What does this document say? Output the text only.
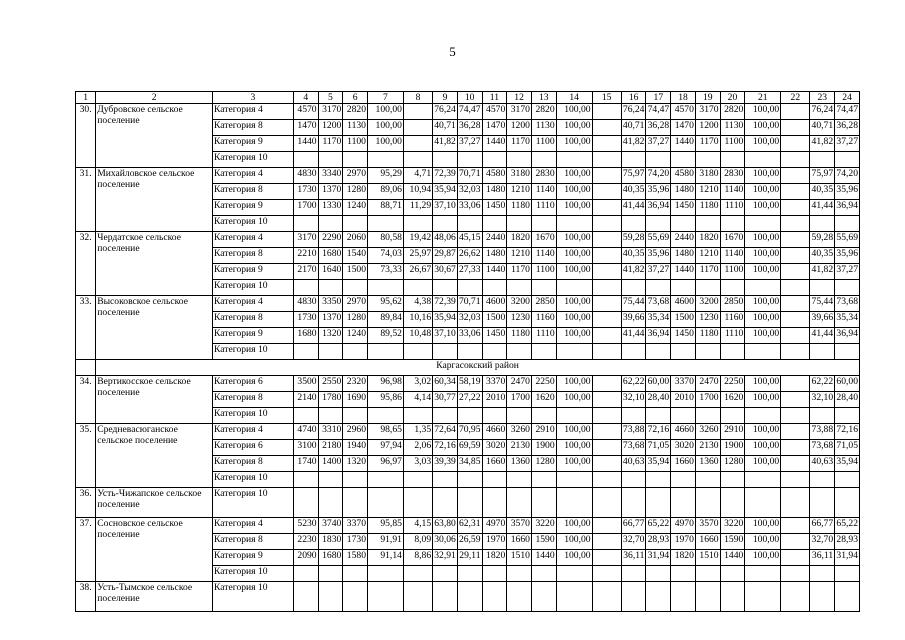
5
1	2	3	4	5	6	7	8	9	10	11	12	13	14	15	16	17	18	19	20	21	22	23	24
30.	Дубровское сельское поселение	Категория 4	4570	3170	2820	100,00		76,24	74,47	4570	3170	2820	100,00		76,24	74,47	4570	3170	2820	100,00		76,24	74,47
		Категория 8	1470	1200	1130	100,00		40,71	36,28	1470	1200	1130	100,00		40,71	36,28	1470	1200	1130	100,00		40,71	36,28
		Категория 9	1440	1170	1100	100,00		41,82	37,27	1440	1170	1100	100,00		41,82	37,27	1440	1170	1100	100,00		41,82	37,27
		Категория 10																					
31.	Михайловское сельское поселение	Категория 4	4830	3340	2970	95,29	4,71	72,39	70,71	4580	3180	2830	100,00		75,97	74,20	4580	3180	2830	100,00		75,97	74,20
		Категория 8	1730	1370	1280	89,06	10,94	35,94	32,03	1480	1210	1140	100,00		40,35	35,96	1480	1210	1140	100,00		40,35	35,96
		Категория 9	1700	1330	1240	88,71	11,29	37,10	33,06	1450	1180	1110	100,00		41,44	36,94	1450	1180	1110	100,00		41,44	36,94
		Категория 10																					
32.	Чердатское сельское поселение	Категория 4	3170	2290	2060	80,58	19,42	48,06	45,15	2440	1820	1670	100,00		59,28	55,69	2440	1820	1670	100,00		59,28	55,69
		Категория 8	2210	1680	1540	74,03	25,97	29,87	26,62	1480	1210	1140	100,00		40,35	35,96	1480	1210	1140	100,00		40,35	35,96
		Категория 9	2170	1640	1500	73,33	26,67	30,67	27,33	1440	1170	1100	100,00		41,82	37,27	1440	1170	1100	100,00		41,82	37,27
		Категория 10																					
33.	Высоковское сельское поселение	Категория 4	4830	3350	2970	95,62	4,38	72,39	70,71	4600	3200	2850	100,00		75,44	73,68	4600	3200	2850	100,00		75,44	73,68
		Категория 8	1730	1370	1280	89,84	10,16	35,94	32,03	1500	1230	1160	100,00		39,66	35,34	1500	1230	1160	100,00		39,66	35,34
		Категория 9	1680	1320	1240	89,52	10,48	37,10	33,06	1450	1180	1110	100,00		41,44	36,94	1450	1180	1110	100,00		41,44	36,94
		Категория 10																					
	Каргасокский район																						
34.	Вертикосское сельское поселение	Категория 6	3500	2550	2320	96,98	3,02	60,34	58,19	3370	2470	2250	100,00		62,22	60,00	3370	2470	2250	100,00		62,22	60,00
		Категория 8	2140	1780	1690	95,86	4,14	30,77	27,22	2010	1700	1620	100,00		32,10	28,40	2010	1700	1620	100,00		32,10	28,40
		Категория 10																					
35.	Средневасюганское сельское поселение	Категория 4	4740	3310	2960	98,65	1,35	72,64	70,95	4660	3260	2910	100,00		73,88	72,16	4660	3260	2910	100,00		73,88	72,16
		Категория 6	3100	2180	1940	97,94	2,06	72,16	69,59	3020	2130	1900	100,00		73,68	71,05	3020	2130	1900	100,00		73,68	71,05
		Категория 8	1740	1400	1320	96,97	3,03	39,39	34,85	1660	1360	1280	100,00		40,63	35,94	1660	1360	1280	100,00		40,63	35,94
		Категория 10																					
36.	Усть-Чижапское сельское поселение	Категория 10																					
37.	Сосновское сельское поселение	Категория 4	5230	3740	3370	95,85	4,15	63,80	62,31	4970	3570	3220	100,00		66,77	65,22	4970	3570	3220	100,00		66,77	65,22
		Категория 8	2230	1830	1730	91,91	8,09	30,06	26,59	1970	1660	1590	100,00		32,70	28,93	1970	1660	1590	100,00		32,70	28,93
		Категория 9	2090	1680	1580	91,14	8,86	32,91	29,11	1820	1510	1440	100,00		36,11	31,94	1820	1510	1440	100,00		36,11	31,94
		Категория 10																					
38.	Усть-Тымское сельское поселение	Категория 10																					
